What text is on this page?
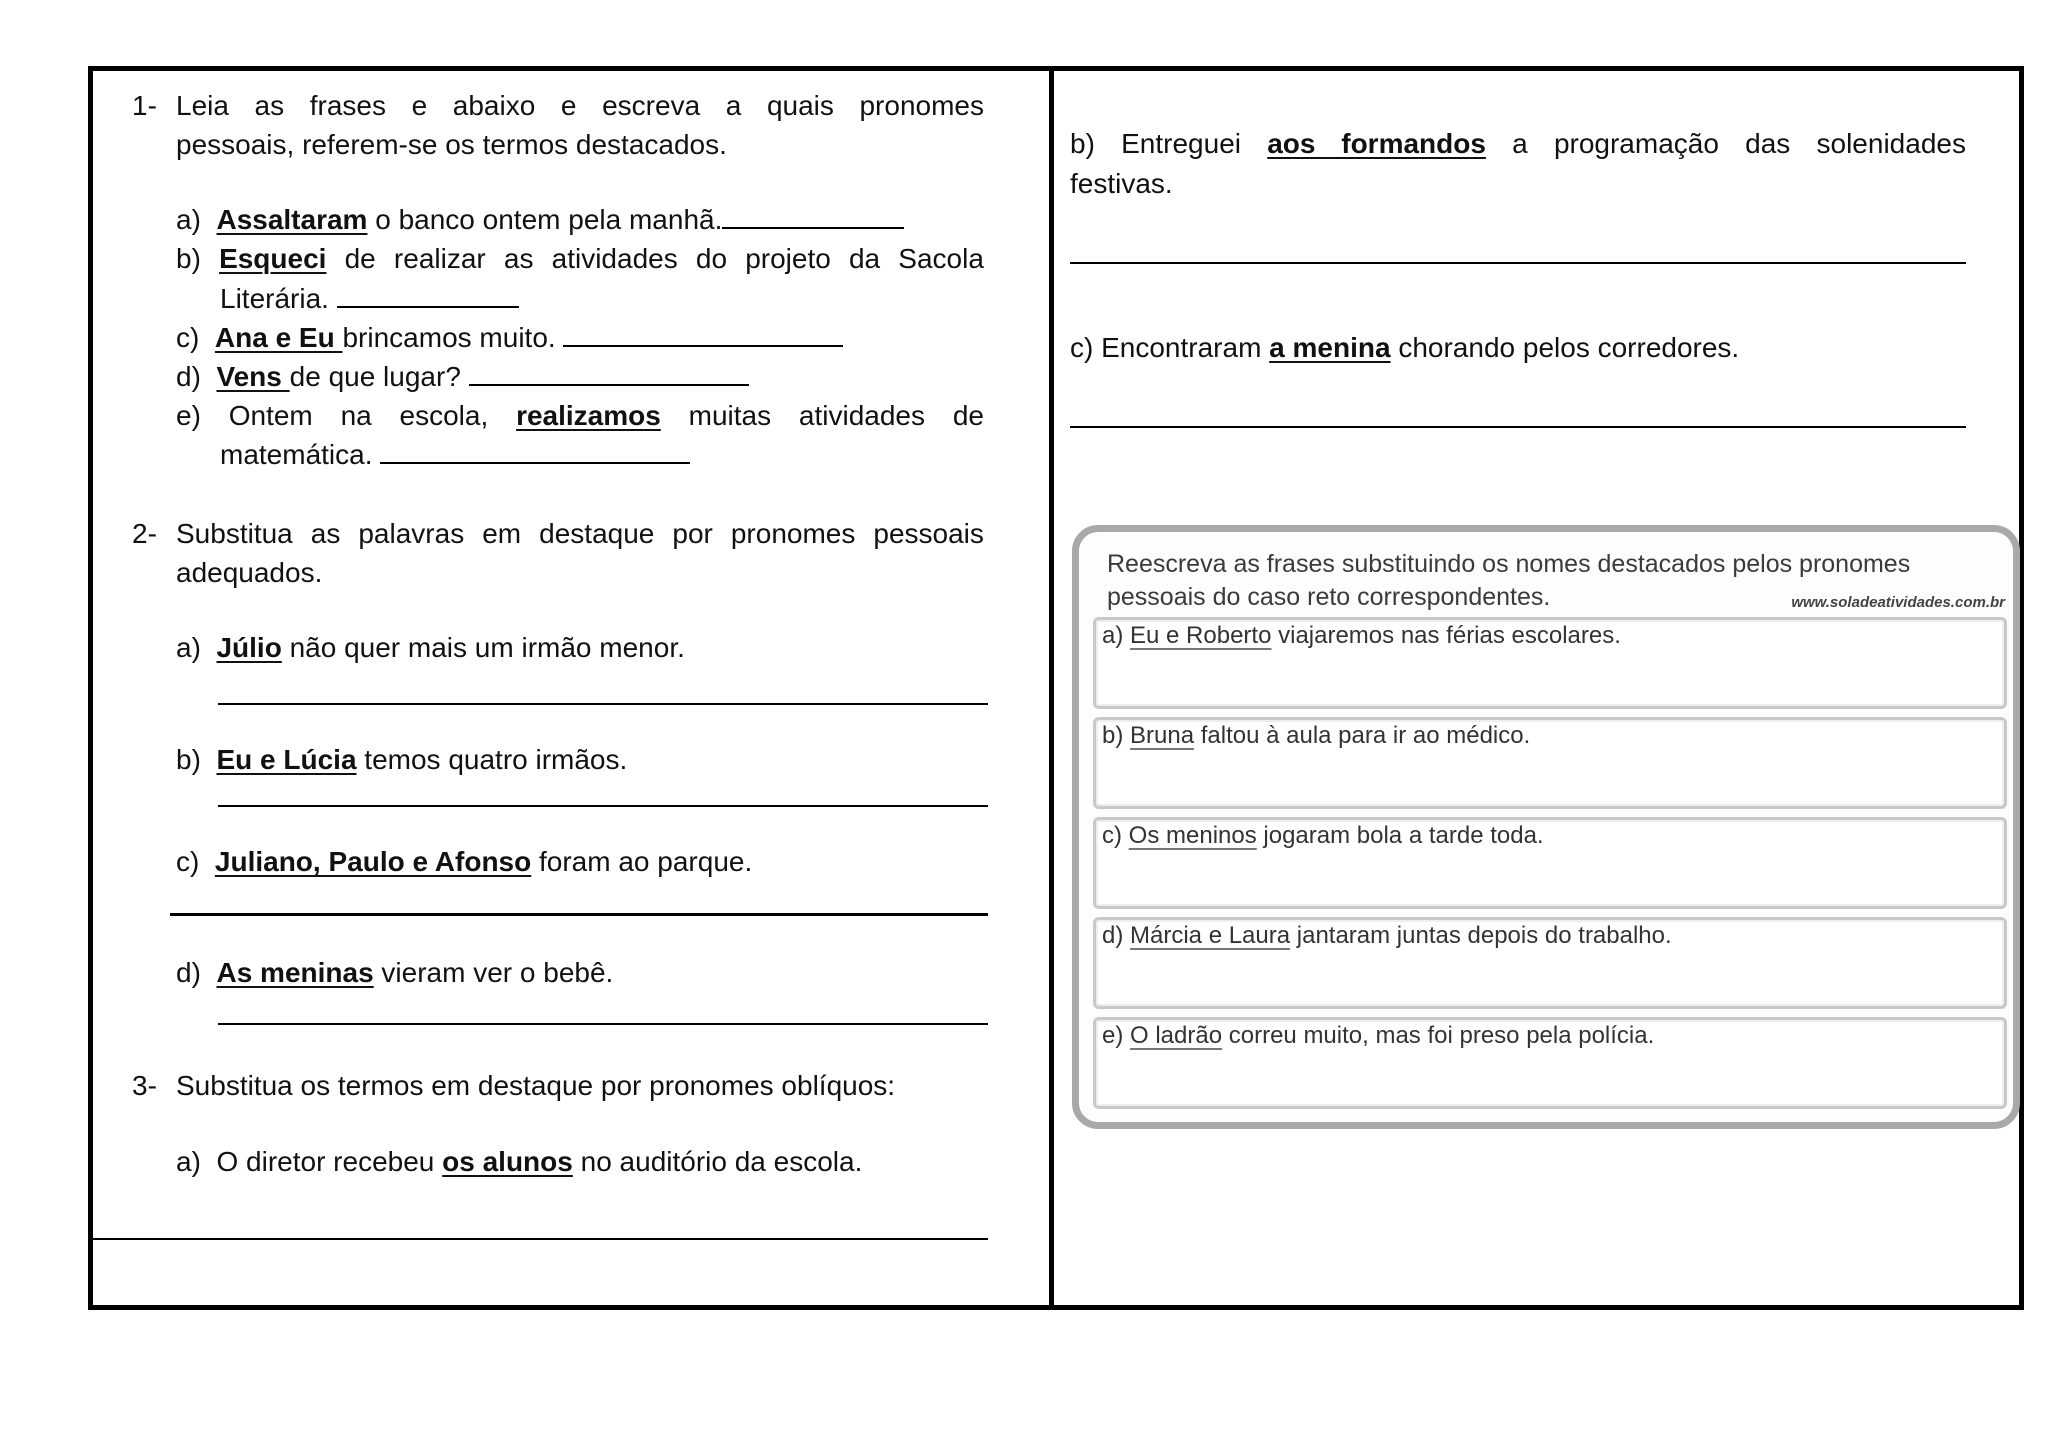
1- Leia as frases e abaixo e escreva a quais pronomes
pessoais, referem-se os termos destacados.
a) Assaltaram o banco ontem pela manhã.
b) Esqueci de realizar as atividades do projeto da Sacola
Literária.
c) Ana e Eu brincamos muito.
d) Vens de que lugar?
e) Ontem na escola, realizamos muitas atividades de
matemática.
2- Substitua as palavras em destaque por pronomes pessoais
adequados.
a) Júlio não quer mais um irmão menor.
b) Eu e Lúcia temos quatro irmãos.
c) Juliano, Paulo e Afonso foram ao parque.
d) As meninas vieram ver o bebê.
3- Substitua os termos em destaque por pronomes oblíquos:
a) O diretor recebeu os alunos no auditório da escola.
b) Entreguei aos formandos a programação das solenidades
festivas.
c) Encontraram a menina chorando pelos corredores.
Reescreva as frases substituindo os nomes destacados pelos pronomes pessoais do caso reto correspondentes.	www.soladeatividades.com.br
a) Eu e Roberto viajaremos nas férias escolares.
b) Bruna faltou à aula para ir ao médico.
c) Os meninos jogaram bola a tarde toda.
d) Márcia e Laura jantaram juntas depois do trabalho.
e) O ladrão correu muito, mas foi preso pela polícia.
